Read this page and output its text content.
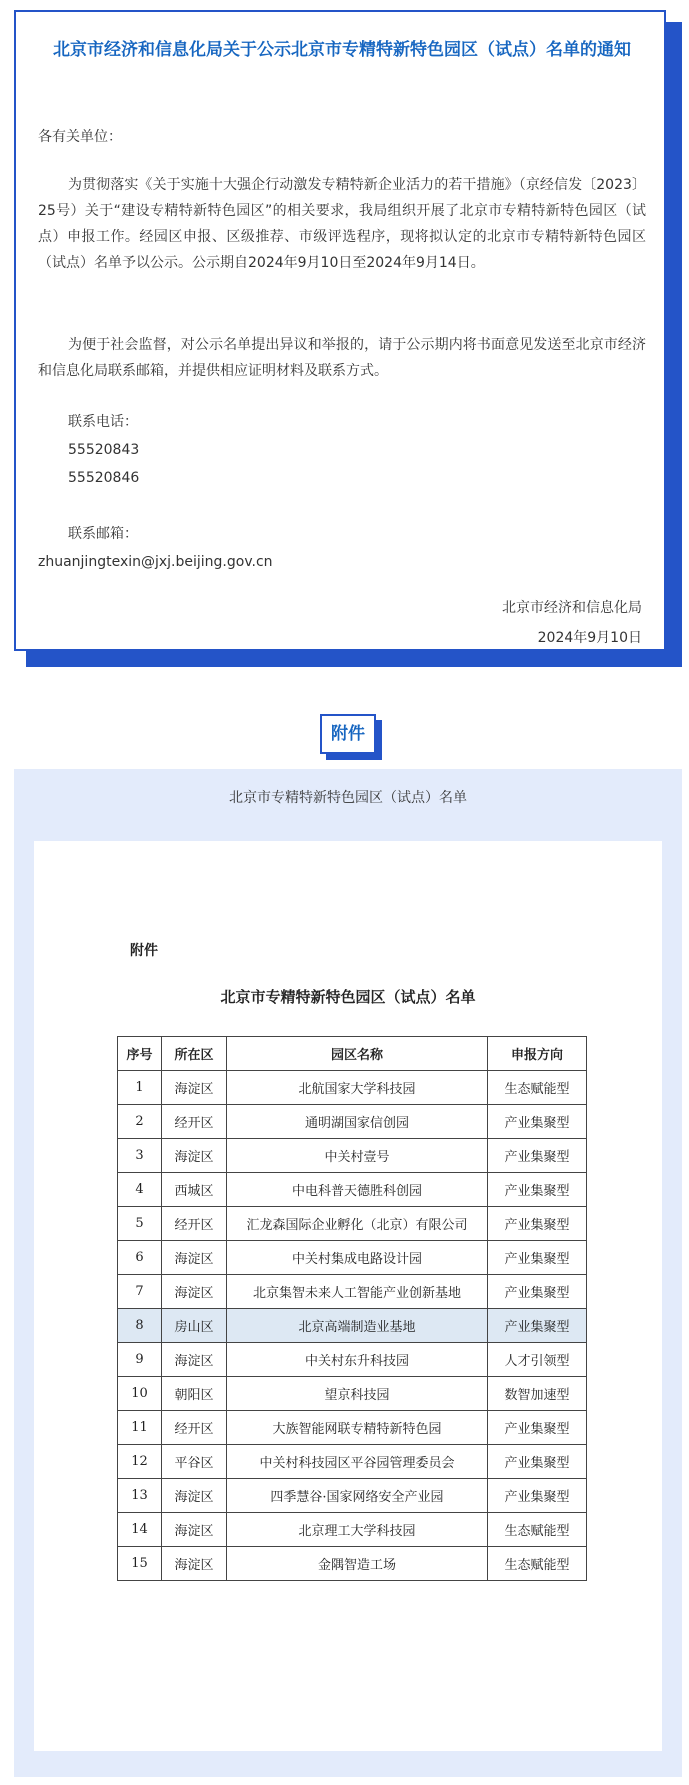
北京市经济和信息化局关于公示北京市专精特新特色园区（试点）名单的通知
各有关单位：
为贯彻落实《关于实施十大强企行动激发专精特新企业活力的若干措施》（京经信发〔2023〕25号）关于“建设专精特新特色园区”的相关要求，我局组织开展了北京市专精特新特色园区（试点）申报工作。经园区申报、区级推荐、市级评选程序，现将拟认定的北京市专精特新特色园区（试点）名单予以公示。公示期自2024年9月10日至2024年9月14日。
为便于社会监督，对公示名单提出异议和举报的，请于公示期内将书面意见发送至北京市经济和信息化局联系邮箱，并提供相应证明材料及联系方式。
联系电话：
55520843
55520846
联系邮箱：
zhuanjingtexin@jxj.beijing.gov.cn
北京市经济和信息化局
2024年9月10日
附件
北京市专精特新特色园区（试点）名单
附件
北京市专精特新特色园区（试点）名单
序号	所在区	园区名称	申报方向
1	海淀区	北航国家大学科技园	生态赋能型
2	经开区	通明湖国家信创园	产业集聚型
3	海淀区	中关村壹号	产业集聚型
4	西城区	中电科普天德胜科创园	产业集聚型
5	经开区	汇龙森国际企业孵化（北京）有限公司	产业集聚型
6	海淀区	中关村集成电路设计园	产业集聚型
7	海淀区	北京集智未来人工智能产业创新基地	产业集聚型
8	房山区	北京高端制造业基地	产业集聚型
9	海淀区	中关村东升科技园	人才引领型
10	朝阳区	望京科技园	数智加速型
11	经开区	大族智能网联专精特新特色园	产业集聚型
12	平谷区	中关村科技园区平谷园管理委员会	产业集聚型
13	海淀区	四季慧谷·国家网络安全产业园	产业集聚型
14	海淀区	北京理工大学科技园	生态赋能型
15	海淀区	金隅智造工场	生态赋能型
